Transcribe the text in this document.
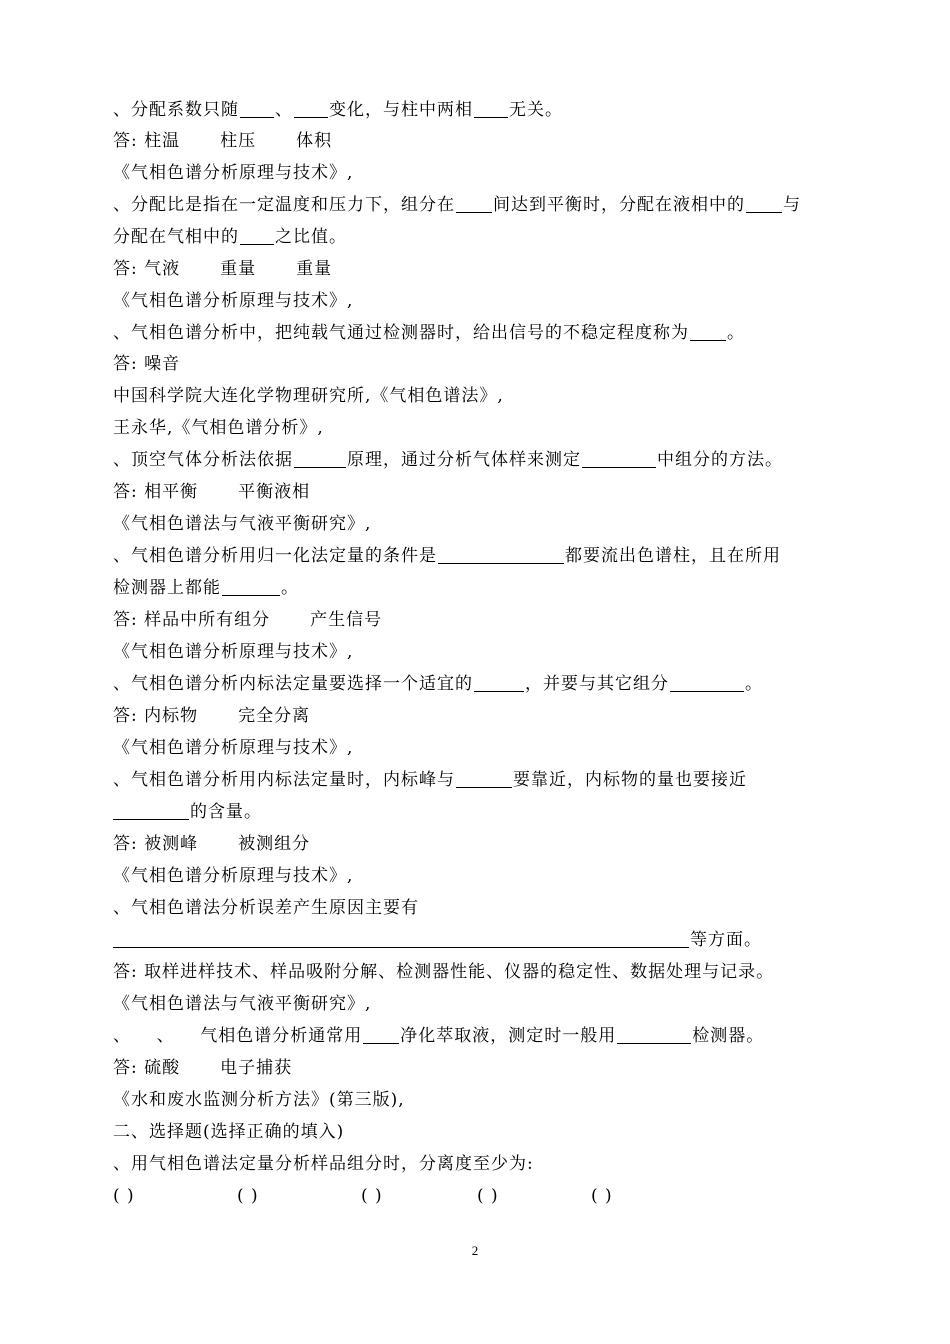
、分配系数只随 、 变化，与柱中两相 无关。
答: 柱温 柱压 体积
《气相色谱分析原理与技术》,
、分配比是指在一定温度和压力下，组分在 间达到平衡时，分配在液相中的 与
分配在气相中的 之比值。
答: 气液 重量 重量
《气相色谱分析原理与技术》,
、气相色谱分析中，把纯载气通过检测器时，给出信号的不稳定程度称为 。
答: 噪音
中国科学院大连化学物理研究所,《气相色谱法》,
王永华,《气相色谱分析》,
、顶空气体分析法依据	原理，通过分析气体样来测定	中组分的方法。
答: 相平衡 平衡液相
《气相色谱法与气液平衡研究》,
、气相色谱分析用归一化法定量的条件是	都要流出色谱柱，且在所用
检测器上都能	。
答: 样品中所有组分 产生信号
《气相色谱分析原理与技术》,
、气相色谱分析内标法定量要选择一个适宜的	，并要与其它组分	。
答: 内标物 完全分离
《气相色谱分析原理与技术》,
、气相色谱分析用内标法定量时，内标峰与	要靠近，内标物的量也要接近
的含量。
答: 被测峰 被测组分
《气相色谱分析原理与技术》,
、气相色谱法分析误差产生原因主要有
等方面。
答: 取样进样技术、样品吸附分解、检测器性能、仪器的稳定性、数据处理与记录。
《气相色谱法与气液平衡研究》,
、    、    气相色谱分析通常用 净化萃取液，测定时一般用	检测器。
答: 硫酸 电子捕获
《水和废水监测分析方法》(第三版),
二、选择题(选择正确的填入)
、用气相色谱法定量分析样品组分时，分离度至少为:
( )	( )	( )	( )	( )
2
